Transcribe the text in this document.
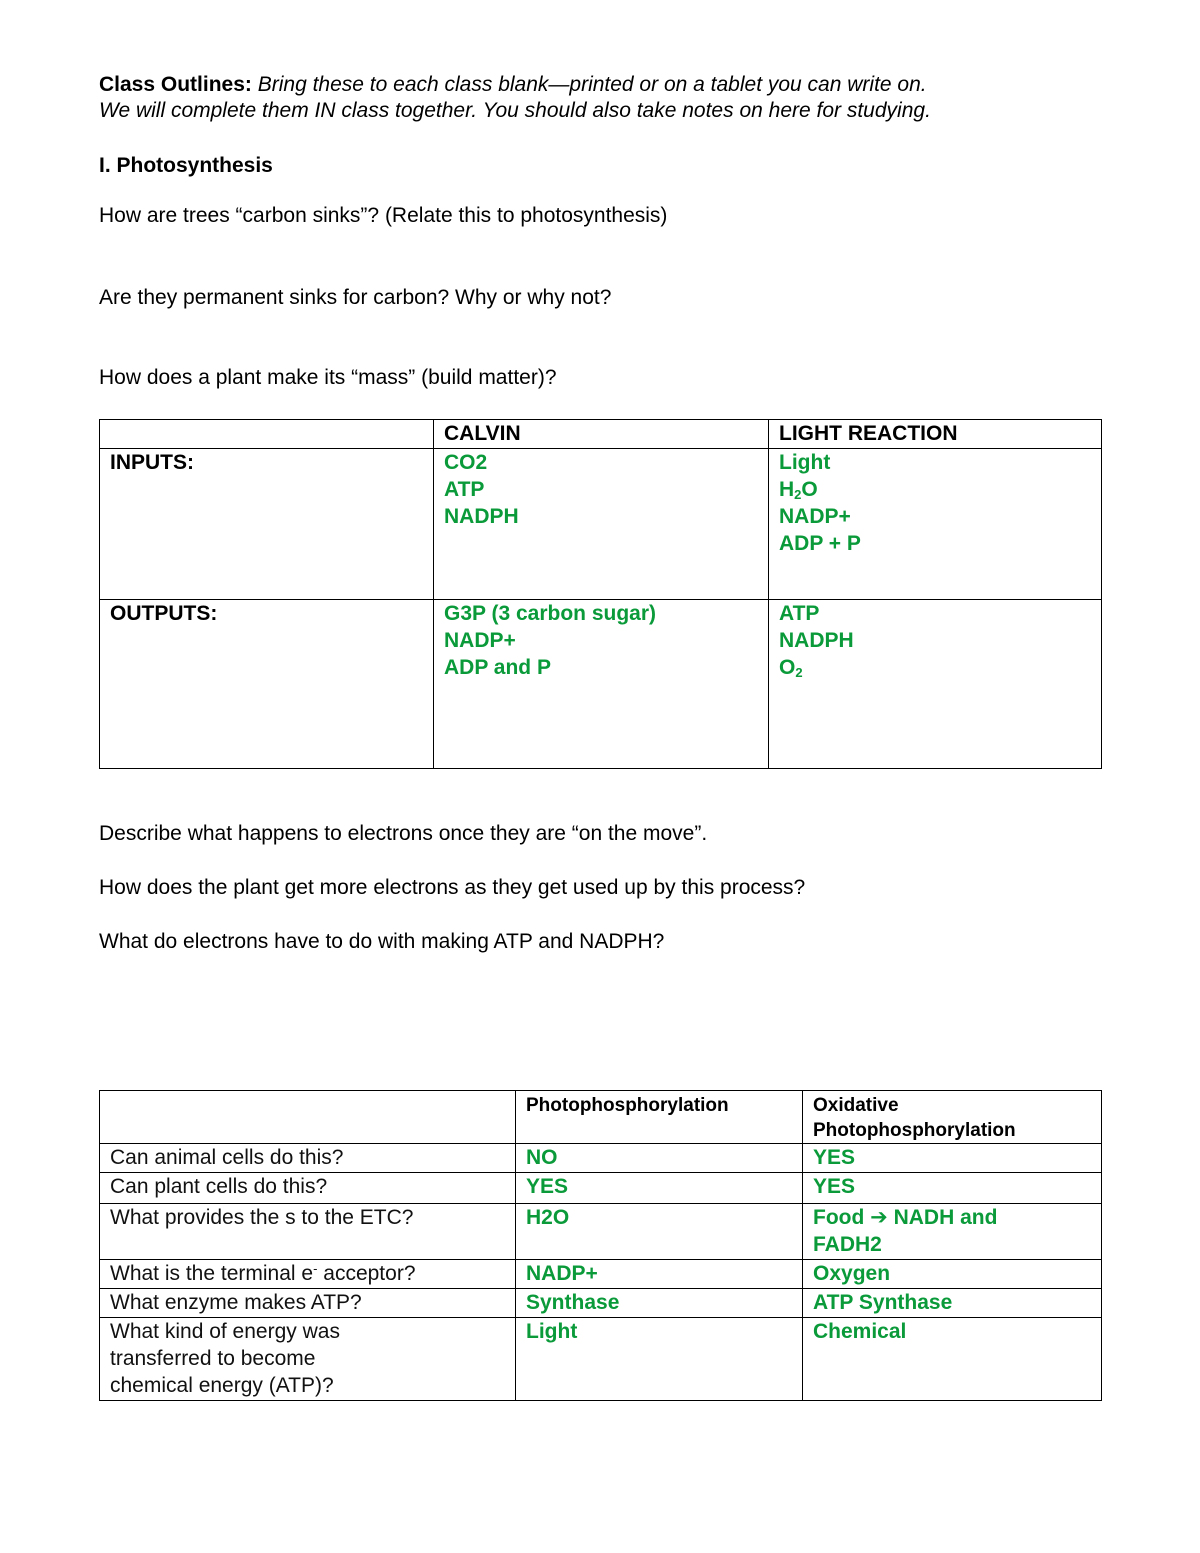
Class Outlines: Bring these to each class blank—printed or on a tablet you can write on.
We will complete them IN class together. You should also take notes on here for studying.
I. Photosynthesis
How are trees “carbon sinks”? (Relate this to photosynthesis)
Are they permanent sinks for carbon? Why or why not?
How does a plant make its “mass” (build matter)?
	CALVIN	LIGHT REACTION
INPUTS:	CO2
ATP
NADPH	Light
$H_2O$
NADP+
ADP + P

OUTPUTS:	G3P (3 carbon sugar)
NADP+
ADP and P	ATP
NADPH
$O_2$
Describe what happens to electrons once they are “on the move”.
How does the plant get more electrons as they get used up by this process?
What do electrons have to do with making ATP and NADPH?
	Photophosphorylation	Oxidative
Photophosphorylation

Can animal cells do this?	NO	YES
Can plant cells do this?	YES	YES
What provides the s to the ETC?	H2O	Food ➔ NADH and
FADH2

What is the terminal e- acceptor?	NADP+	Oxygen
What enzyme makes ATP?	Synthase	ATP Synthase

What kind of energy was
transferred to become
chemical energy (ATP)?	Light	Chemical
